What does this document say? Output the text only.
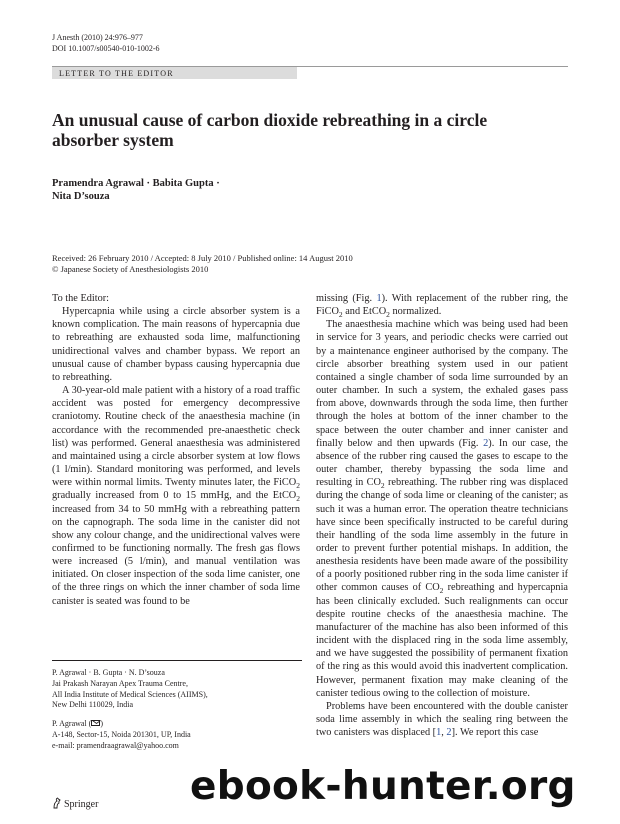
J Anesth (2010) 24:976–977
DOI 10.1007/s00540-010-1002-6
LETTER TO THE EDITOR
An unusual cause of carbon dioxide rebreathing in a circle absorber system
Pramendra Agrawal · Babita Gupta ·
Nita D’souza
Received: 26 February 2010 / Accepted: 8 July 2010 / Published online: 14 August 2010
© Japanese Society of Anesthesiologists 2010

To the Editor:

Hypercapnia while using a circle absorber system is a known complication. The main reasons of hypercapnia due to rebreathing are exhausted soda lime, malfunctioning unidirectional valves and chamber bypass. We report an unusual cause of chamber bypass causing hypercapnia due to rebreathing.

A 30-year-old male patient with a history of a road traffic accident was posted for emergency decompressive craniotomy. Routine check of the anaesthesia machine (in accordance with the recommended pre-anaesthetic check list) was performed. General anaesthesia was administered and maintained using a circle absorber system at low flows (1 l/min). Standard monitoring was performed, and levels were within normal limits. Twenty minutes later, the FiCO$_2$ gradually increased from 0 to 15 mmHg, and the EtCO$_2$ increased from 34 to 50 mmHg with a rebreathing pattern on the capnograph. The soda lime in the canister did not show any colour change, and the unidirectional valves were confirmed to be functioning normally. The fresh gas flows were increased (5 l/min), and manual ventilation was initiated. On closer inspection of the soda lime canister, one of the three rings on which the inner chamber of soda lime canister is seated was found to be

missing (Fig. 1). With replacement of the rubber ring, the FiCO$_2$ and EtCO$_2$ normalized.

The anaesthesia machine which was being used had been in service for 3 years, and periodic checks were carried out by a maintenance engineer authorised by the company. The circle absorber breathing system used in our patient contained a single chamber of soda lime surrounded by an outer chamber. In such a system, the exhaled gases pass from above, downwards through the soda lime, then further through the holes at bottom of the inner chamber to the space between the outer chamber and inner canister and finally below and then upwards (Fig. 2). In our case, the absence of the rubber ring caused the gases to escape to the outer chamber, thereby bypassing the soda lime and resulting in $CO_2$ rebreathing. The rubber ring was displaced during the change of soda lime or cleaning of the canister; as such it was a human error. The operation theatre technicians have since been specifically instructed to be careful during their handling of the soda lime assembly in the future in order to prevent further potential mishaps. In addition, the anesthesia residents have been made aware of the possibility of a poorly positioned rubber ring in the soda lime canister if other common causes of $CO_2$ rebreathing and hypercapnia has been clinically excluded. Such realignments can occur despite routine checks of the anaesthesia machine. The manufacturer of the machine has also been informed of this incident with the displaced ring in the soda lime assembly, and we have suggested the possibility of permanent fixation of the ring as this would avoid this inadvertent complication. However, permanent fixation may make cleaning of the canister tedious owing to the collection of moisture.

Problems have been encountered with the double canister soda lime assembly in which the sealing ring between the two canisters was displaced [1, 2]. We report this case

P. Agrawal · B. Gupta · N. D’souza
Jai Prakash Narayan Apex Trauma Centre,
All India Institute of Medical Sciences (AIIMS),
New Delhi 110029, India
P. Agrawal ( )
A-148, Sector-15, Noida 201301, UP, India
e-mail: pramendraagrawal@yahoo.com
Springer ebook-hunter.org
